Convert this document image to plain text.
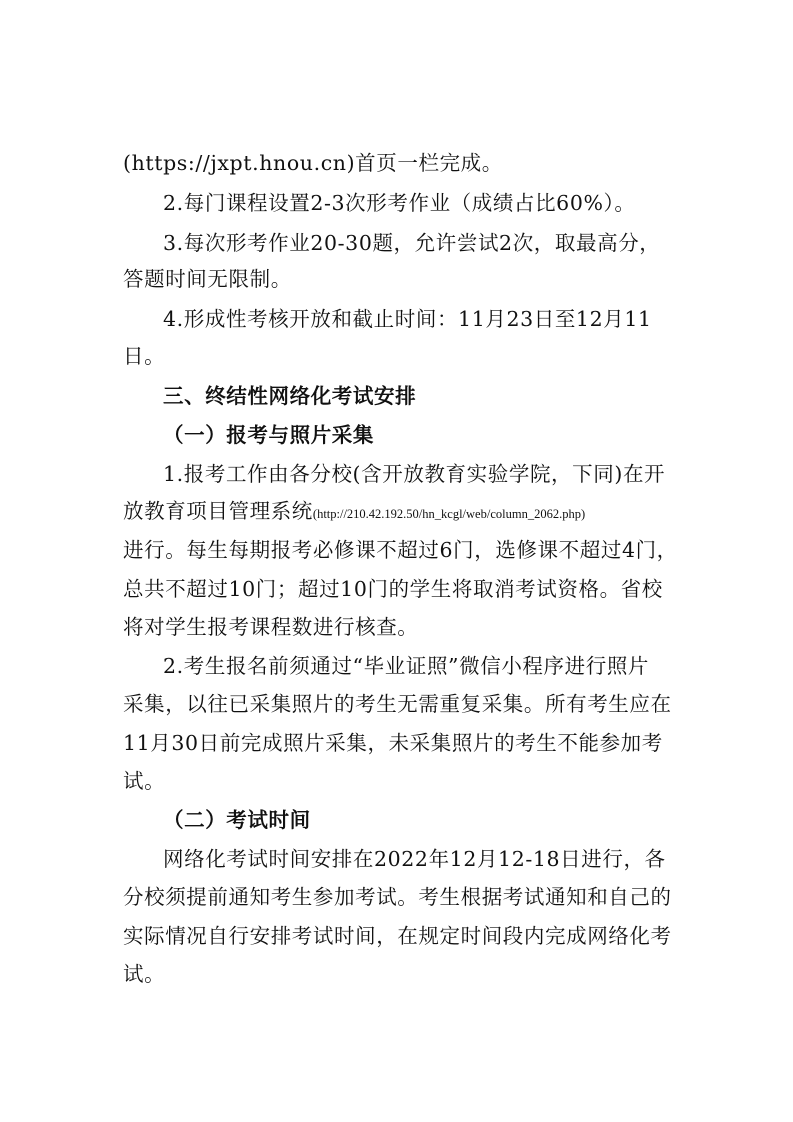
(https://jxpt.hnou.cn)首页一栏完成。
2.每门课程设置2-3次形考作业（成绩占比60%）。
3.每次形考作业20-30题，允许尝试2次，取最高分，
答题时间无限制。
4.形成性考核开放和截止时间：11月23日至12月11
日。
三、终结性网络化考试安排
（一）报考与照片采集
1.报考工作由各分校(含开放教育实验学院，下同)在开
放教育项目管理系统(http://210.42.192.50/hn_kcgl/web/column_2062.php)
进行。每生每期报考必修课不超过6门，选修课不超过4门，
总共不超过10门；超过10门的学生将取消考试资格。省校
将对学生报考课程数进行核查。
2.考生报名前须通过“毕业证照”微信小程序进行照片
采集，以往已采集照片的考生无需重复采集。所有考生应在
11月30日前完成照片采集，未采集照片的考生不能参加考
试。
（二）考试时间
网络化考试时间安排在2022年12月12-18日进行，各
分校须提前通知考生参加考试。考生根据考试通知和自己的
实际情况自行安排考试时间，在规定时间段内完成网络化考
试。
